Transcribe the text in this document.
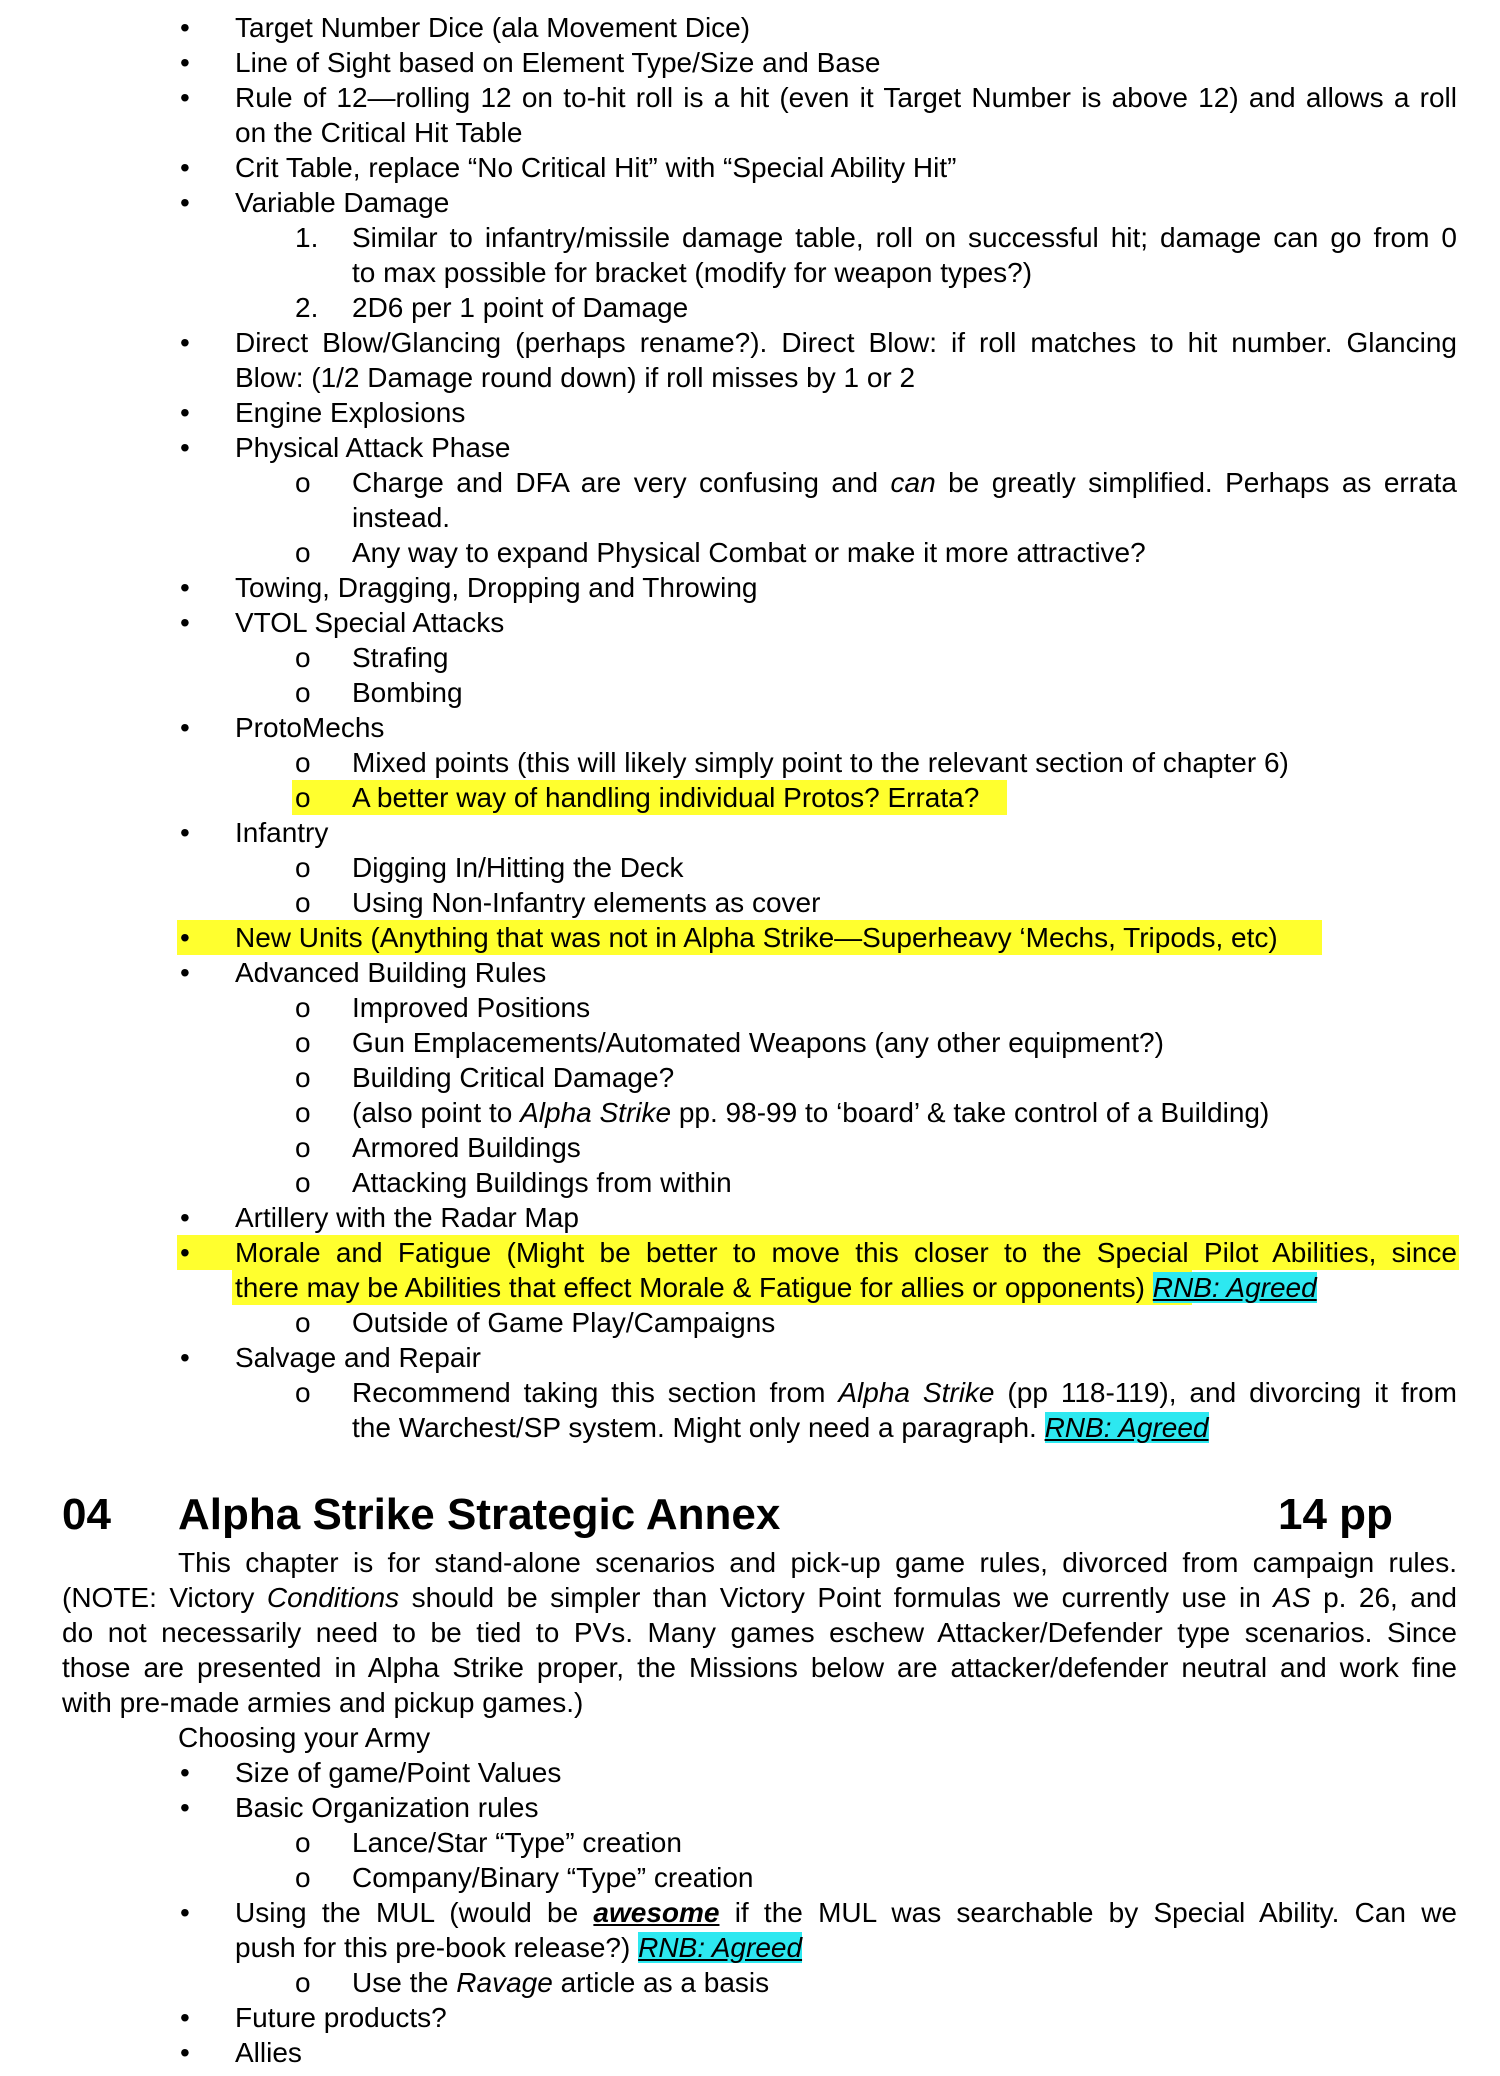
• Target Number Dice (ala Movement Dice)
• Line of Sight based on Element Type/Size and Base
• Rule of 12—rolling 12 on to-hit roll is a hit (even it Target Number is above 12) and allows a roll
on the Critical Hit Table
• Crit Table, replace “No Critical Hit” with “Special Ability Hit”
• Variable Damage
1. Similar to infantry/missile damage table, roll on successful hit; damage can go from 0
to max possible for bracket (modify for weapon types?)
2. 2D6 per 1 point of Damage
• Direct Blow/Glancing (perhaps rename?). Direct Blow: if roll matches to hit number. Glancing
Blow: (1/2 Damage round down) if roll misses by 1 or 2
• Engine Explosions
• Physical Attack Phase
o Charge and DFA are very confusing and can be greatly simplified. Perhaps as errata
instead.
o Any way to expand Physical Combat or make it more attractive?
• Towing, Dragging, Dropping and Throwing
• VTOL Special Attacks
o Strafing
o Bombing
• ProtoMechs
o Mixed points (this will likely simply point to the relevant section of chapter 6)
o A better way of handling individual Protos? Errata?
• Infantry
o Digging In/Hitting the Deck
o Using Non-Infantry elements as cover
• New Units (Anything that was not in Alpha Strike—Superheavy ‘Mechs, Tripods, etc)
• Advanced Building Rules
o Improved Positions
o Gun Emplacements/Automated Weapons (any other equipment?)
o Building Critical Damage?
o (also point to Alpha Strike pp. 98-99 to ‘board’ & take control of a Building)
o Armored Buildings
o Attacking Buildings from within
• Artillery with the Radar Map
• Morale and Fatigue (Might be better to move this closer to the Special Pilot Abilities, since
there may be Abilities that effect Morale & Fatigue for allies or opponents) RNB: Agreed
o Outside of Game Play/Campaigns
• Salvage and Repair
o Recommend taking this section from Alpha Strike (pp 118-119), and divorcing it from
the Warchest/SP system. Might only need a paragraph. RNB: Agreed
04 Alpha Strike Strategic Annex	14 pp
This chapter is for stand-alone scenarios and pick-up game rules, divorced from campaign rules.
(NOTE: Victory Conditions should be simpler than Victory Point formulas we currently use in AS p. 26, and
do not necessarily need to be tied to PVs. Many games eschew Attacker/Defender type scenarios. Since
those are presented in Alpha Strike proper, the Missions below are attacker/defender neutral and work fine
with pre-made armies and pickup games.)
Choosing your Army
• Size of game/Point Values
• Basic Organization rules
o Lance/Star “Type” creation
o Company/Binary “Type” creation
• Using the MUL (would be awesome if the MUL was searchable by Special Ability. Can we
push for this pre-book release?) RNB: Agreed
o Use the Ravage article as a basis
• Future products?
• Allies
